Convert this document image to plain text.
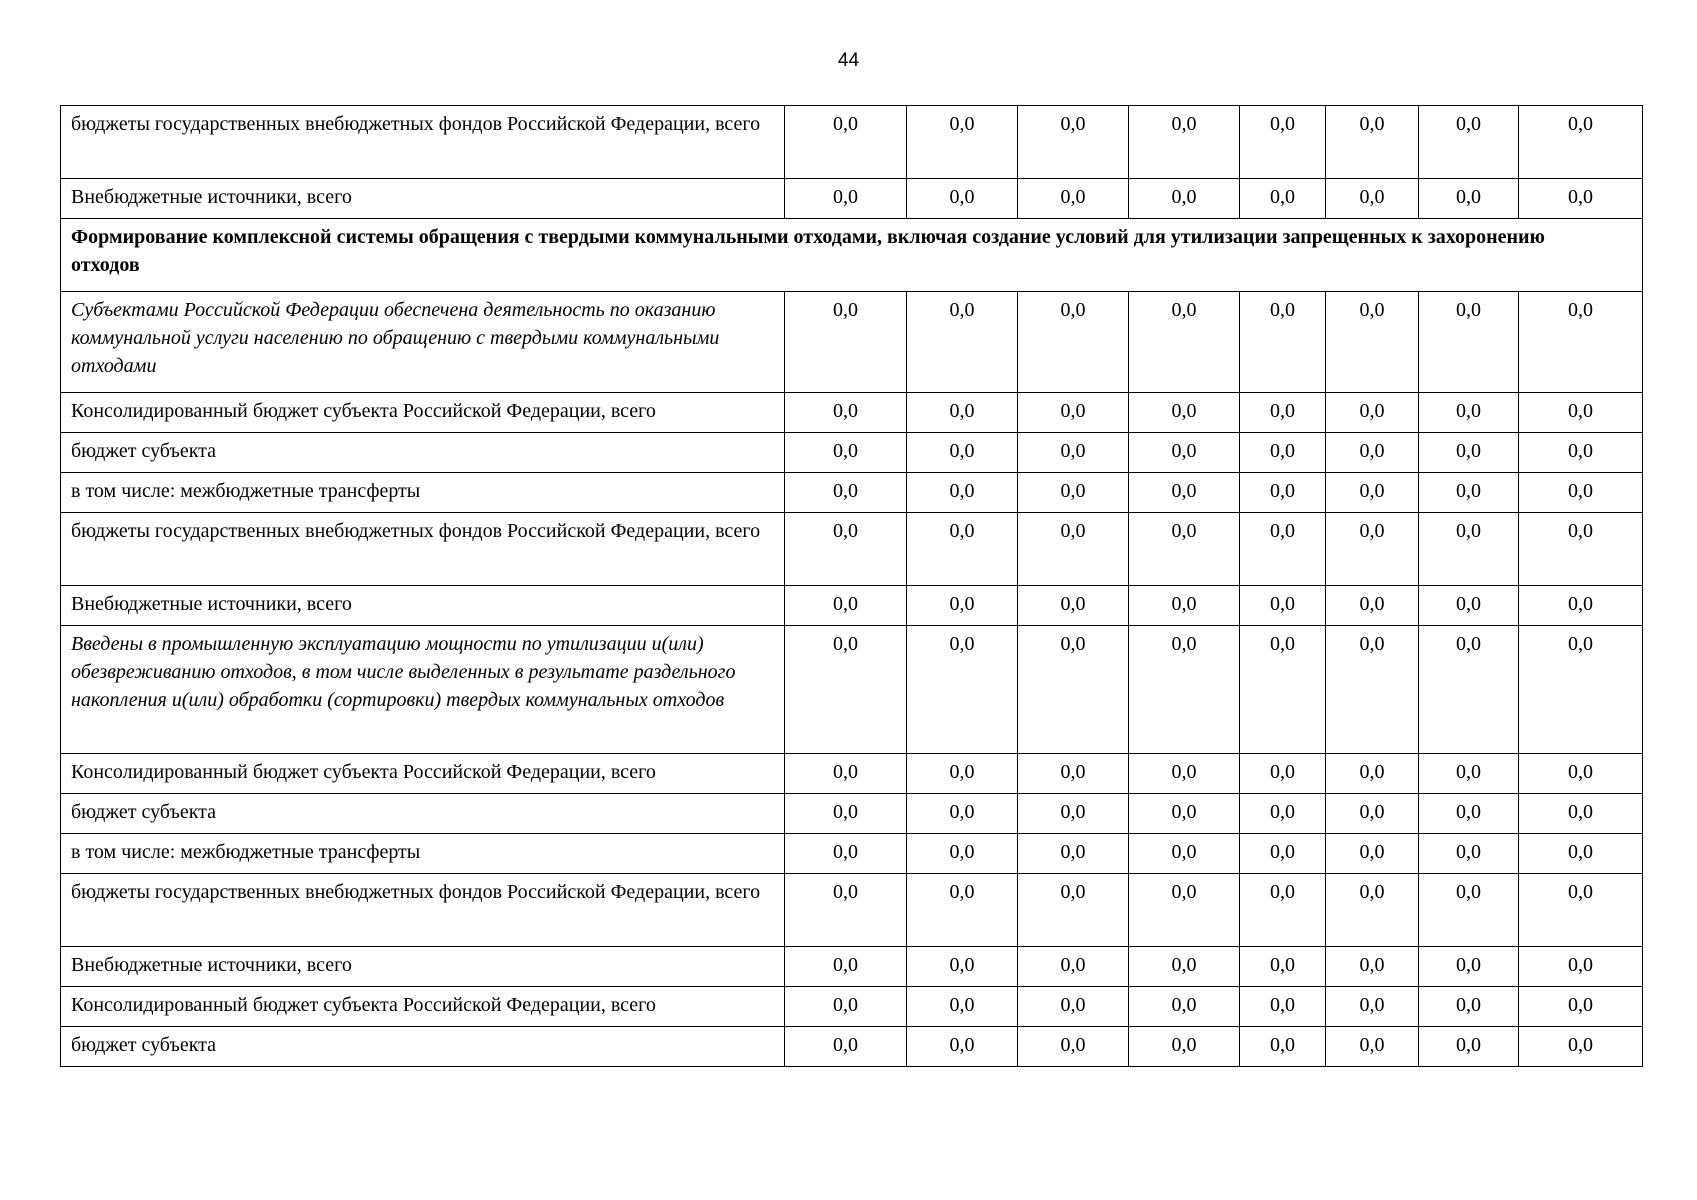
44
бюджеты государственных внебюджетных фондов Российской Федерации, всего	0,0	0,0	0,0	0,0	0,0	0,0	0,0	0,0
Внебюджетные источники, всего	0,0	0,0	0,0	0,0	0,0	0,0	0,0	0,0
Формирование комплексной системы обращения с твердыми коммунальными отходами, включая создание условий для утилизации запрещенных к захоронению отходов								
Субъектами Российской Федерации обеспечена деятельность по оказанию коммунальной услуги населению по обращению с твердыми коммунальными отходами	0,0	0,0	0,0	0,0	0,0	0,0	0,0	0,0
Консолидированный бюджет субъекта Российской Федерации, всего	0,0	0,0	0,0	0,0	0,0	0,0	0,0	0,0
бюджет субъекта	0,0	0,0	0,0	0,0	0,0	0,0	0,0	0,0
в том числе: межбюджетные трансферты	0,0	0,0	0,0	0,0	0,0	0,0	0,0	0,0
бюджеты государственных внебюджетных фондов Российской Федерации, всего	0,0	0,0	0,0	0,0	0,0	0,0	0,0	0,0
Внебюджетные источники, всего	0,0	0,0	0,0	0,0	0,0	0,0	0,0	0,0
Введены в промышленную эксплуатацию мощности по утилизации и(или) обезвреживанию отходов, в том числе выделенных в результате раздельного накопления и(или) обработки (сортировки) твердых коммунальных отходов	0,0	0,0	0,0	0,0	0,0	0,0	0,0	0,0
Консолидированный бюджет субъекта Российской Федерации, всего	0,0	0,0	0,0	0,0	0,0	0,0	0,0	0,0
бюджет субъекта	0,0	0,0	0,0	0,0	0,0	0,0	0,0	0,0
в том числе: межбюджетные трансферты	0,0	0,0	0,0	0,0	0,0	0,0	0,0	0,0
бюджеты государственных внебюджетных фондов Российской Федерации, всего	0,0	0,0	0,0	0,0	0,0	0,0	0,0	0,0
Внебюджетные источники, всего	0,0	0,0	0,0	0,0	0,0	0,0	0,0	0,0
Консолидированный бюджет субъекта Российской Федерации, всего	0,0	0,0	0,0	0,0	0,0	0,0	0,0	0,0
бюджет субъекта	0,0	0,0	0,0	0,0	0,0	0,0	0,0	0,0
